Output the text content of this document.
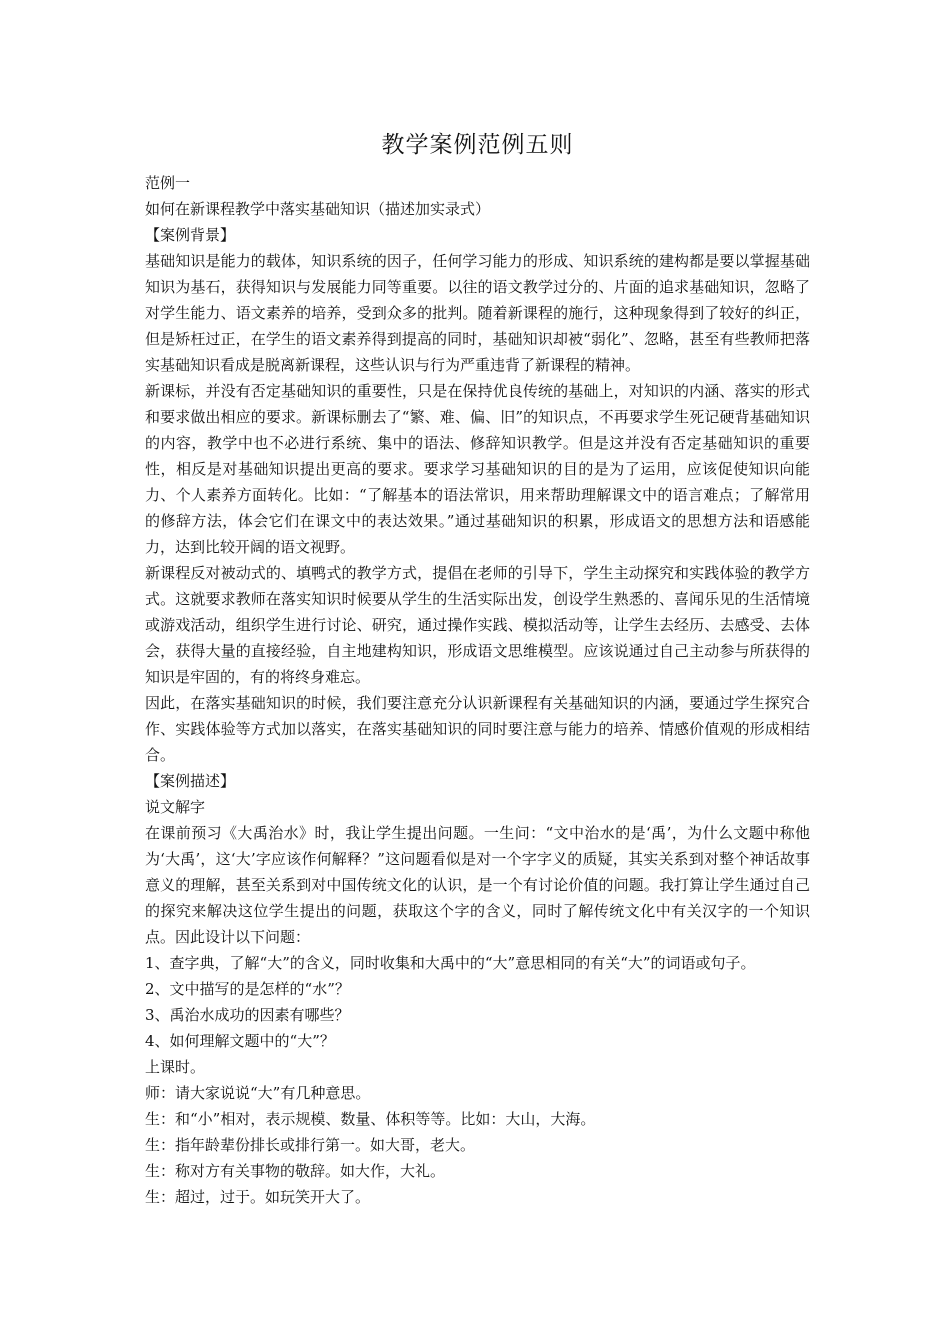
教学案例范例五则

范例一

如何在新课程教学中落实基础知识（描述加实录式）

【案例背景】

基础知识是能力的载体，知识系统的因子，任何学习能力的形成、知识系统的建构都是要以掌握基础知识为基石，获得知识与发展能力同等重要。以往的语文教学过分的、片面的追求基础知识，忽略了对学生能力、语文素养的培养，受到众多的批判。随着新课程的施行，这种现象得到了较好的纠正，但是矫枉过正，在学生的语文素养得到提高的同时，基础知识却被“弱化”、忽略，甚至有些教师把落实基础知识看成是脱离新课程，这些认识与行为严重违背了新课程的精神。

新课标，并没有否定基础知识的重要性，只是在保持优良传统的基础上，对知识的内涵、落实的形式和要求做出相应的要求。新课标删去了“繁、难、偏、旧”的知识点，不再要求学生死记硬背基础知识的内容，教学中也不必进行系统、集中的语法、修辞知识教学。但是这并没有否定基础知识的重要性，相反是对基础知识提出更高的要求。要求学习基础知识的目的是为了运用，应该促使知识向能力、个人素养方面转化。比如：“了解基本的语法常识，用来帮助理解课文中的语言难点；了解常用的修辞方法，体会它们在课文中的表达效果。”通过基础知识的积累，形成语文的思想方法和语感能力，达到比较开阔的语文视野。

新课程反对被动式的、填鸭式的教学方式，提倡在老师的引导下，学生主动探究和实践体验的教学方式。这就要求教师在落实知识时候要从学生的生活实际出发，创设学生熟悉的、喜闻乐见的生活情境或游戏活动，组织学生进行讨论、研究，通过操作实践、模拟活动等，让学生去经历、去感受、去体会，获得大量的直接经验，自主地建构知识，形成语文思维模型。应该说通过自己主动参与所获得的知识是牢固的，有的将终身难忘。

因此，在落实基础知识的时候，我们要注意充分认识新课程有关基础知识的内涵，要通过学生探究合作、实践体验等方式加以落实，在落实基础知识的同时要注意与能力的培养、情感价值观的形成相结合。

【案例描述】

说文解字

在课前预习《大禹治水》时，我让学生提出问题。一生问：“文中治水的是‘禹’，为什么文题中称他为‘大禹’，这‘大’字应该作何解释？”这问题看似是对一个字字义的质疑，其实关系到对整个神话故事意义的理解，甚至关系到对中国传统文化的认识，是一个有讨论价值的问题。我打算让学生通过自己的探究来解决这位学生提出的问题，获取这个字的含义，同时了解传统文化中有关汉字的一个知识点。因此设计以下问题：

1、查字典，了解“大”的含义，同时收集和大禹中的“大”意思相同的有关“大”的词语或句子。

2、文中描写的是怎样的“水”？

3、禹治水成功的因素有哪些？

4、如何理解文题中的“大”？

上课时。

师：请大家说说“大”有几种意思。

生：和“小”相对，表示规模、数量、体积等等。比如：大山，大海。

生：指年龄辈份排长或排行第一。如大哥，老大。

生：称对方有关事物的敬辞。如大作，大礼。

生：超过，过于。如玩笑开大了。
